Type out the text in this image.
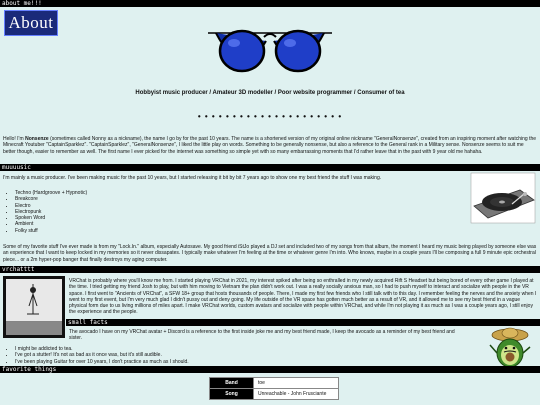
about me!!!
About
Hobbyist music producer / Amateur 3D modeller / Poor website programmer / Consumer of tea
• • • • • • • • • • • • • • • • • • • • •
Hello! I'm Nonsenze (sometimes called Nonny as a nickname), the name I go by for the past 10 years. The name is a shortened version of my original online nickname "GeneralNonsenze", created from an inspiring moment after watching the Minecraft Youtuber "CaptainSparklez". "CaptainSparklez", "GeneralNonsenze", I liked the little play on words. Something to be generally nonsense, but also a reference to the General rank in a Military sense. Nonsenze seems to suit me better though, easier to remember as well. The first name I ever picked for the internet was something so simple yet with so many embarrassing moments that I'd rather leave that in the past with 9 year old me hahaha.
muuuusic
I'm mainly a music producer. I've been making music for the past 10 years, but I started releasing it bit by bit 7 years ago to show one my best friend the stuff I was making.
• Techno (Hardgroove + Hypnotic)
• Breakcore
• Electro
• Electropunk
• Spoken Word
• Ambient
• Folky stuff
Some of my favorite stuff I've ever made is from my "Lock.In." album, especially Autosave. My good friend iStJo played a DJ set and included two of my songs from that album, the moment I heard my music being played by someone else was an experience that I want to keep locked in my memories so it never dissapates. I typically make whatever I'm feeling at the time or whatever genre I'm into. Who knows, maybe in a couple years I'll be composing a full 9 minute epic orchestral piece... or a 2m hyper-pop banger that finally destroys my aging computer.
vrchatttt
VRChat is probably where you'll know me from. I started playing VRChat in 2021, my interest spiked after being so enthralled in my newly acquired Rift S Headset but being bored of every other game I played at the time. I tried getting my friend Josh to play, but with him moving to Vietnam the plan didn't work out. I was a really socially anxious man, so I had to push myself to interact and socialize with people in the VR space. I first went to "Ancients of VRChat", a SFW 18+ group that hosts thousands of people. There, I made my first few friends who I still talk with to this day. I remember feeling the nerves and the anxiety when I went to my first event, but I'm very much glad I didn't pussy out and deny going. My life outside of the VR space has gotten much better as a result of VR, and it allowed me to see my best friend in a vague physical form due to us living millions of miles apart. I make VRChat worlds, custom avatars and socialize with people within VRChat, and while I'm not playing it as much as I was a couple years ago, I still enjoy the experience and the people.
small facts
The avocado I have on my VRChat avatar + Discord is a reference to the first inside joke me and my best friend made, I keep the avocado as a reminder of my best friend and sister.
• I might be addicted to tea.
• I've got a stutter! It's not as bad as it once was, but it's still audible.
• I've been playing Guitar for over 10 years, I don't practice as much as I should.
favorite things
Band	toe
Song	Unreachable - John Frusciante
